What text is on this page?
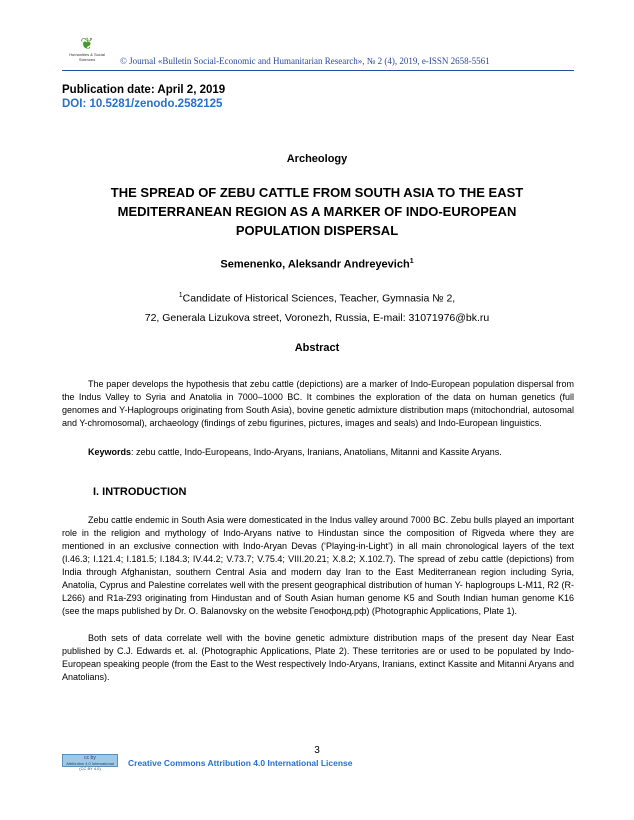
❦
Humanities & Social Sciences	© Journal «Bulletin Social-Economic and Humanitarian Research», № 2 (4), 2019, e-ISSN 2658-5561
Publication date: April 2, 2019
DOI: 10.5281/zenodo.2582125
Archeology
THE SPREAD OF ZEBU CATTLE FROM SOUTH ASIA TO THE EAST MEDITERRANEAN REGION AS A MARKER OF INDO-EUROPEAN POPULATION DISPERSAL
Semenenko, Aleksandr Andreyevich$^1$
$^1$Candidate of Historical Sciences, Teacher, Gymnasia № 2,
72, Generala Lizukova street, Voronezh, Russia, E-mail: 31071976@bk.ru
Abstract
The paper develops the hypothesis that zebu cattle (depictions) are a marker of Indo-European population dispersal from the Indus Valley to Syria and Anatolia in 7000–1000 BC. It combines the exploration of the data on human genetics (full genomes and Y-Haplogroups originating from South Asia), bovine genetic admixture distribution maps (mitochondrial, autosomal and Y-chromosomal), archaeology (findings of zebu figurines, pictures, images and seals) and Indo-European linguistics.
Keywords: zebu cattle, Indo-Europeans, Indo-Aryans, Iranians, Anatolians, Mitanni and Kassite Aryans.
I. INTRODUCTION
Zebu cattle endemic in South Asia were domesticated in the Indus valley around 7000 BC. Zebu bulls played an important role in the religion and mythology of Indo-Aryans native to Hindustan since the composition of Rigveda where they are mentioned in an exclusive connection with Indo-Aryan Devas (‘Playing-in-Light’) in all main chronological layers of the text (I.46.3; I.121.4; I.181.5; I.184.3; IV.44.2; V.73.7; V.75.4; VIII.20.21; X.8.2; X.102.7). The spread of zebu cattle (depictions) from India through Afghanistan, southern Central Asia and modern day Iran to the East Mediterranean region including Syria, Anatolia, Cyprus and Palestine correlates well with the present geographical distribution of human Y- haplogroups L-M11, R2 (R-L266) and R1a-Z93 originating from Hindustan and of South Asian human genome K5 and South Indian human genome K16 (see the maps published by Dr. O. Balanovsky on the website Генофонд.рф) (Photographic Applications, Plate 1).
Both sets of data correlate well with the bovine genetic admixture distribution maps of the present day Near East published by C.J. Edwards et. al. (Photographic Applications, Plate 2). These territories are or used to be populated by Indo-European speaking people (from the East to the West respectively Indo-Aryans, Iranians, extinct Kassite and Mitanni Aryans and Anatolians).
3
cc by
Attribution 4.0 International (CC BY 4.0)
Creative Commons Attribution 4.0 International License
